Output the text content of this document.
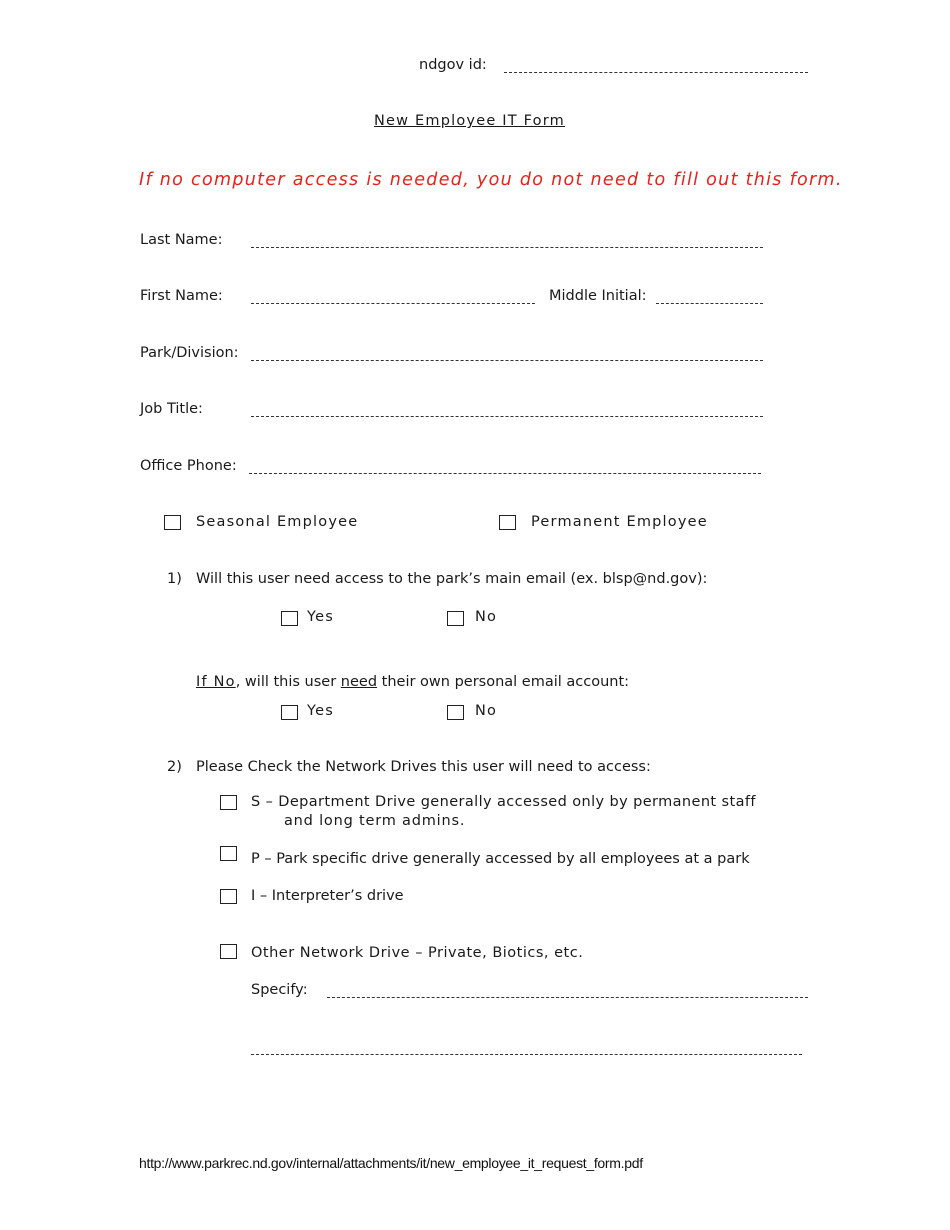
ndgov id:
New Employee IT Form
If no computer access is needed, you do not need to fill out this form.
Last Name:
First Name:	Middle Initial:
Park/Division:
Job Title:
Office Phone:
Seasonal Employee	Permanent Employee
1) Will this user need access to the park’s main email (ex. blsp@nd.gov):
Yes	No
If No, will this user need their own personal email account:
Yes	No
2) Please Check the Network Drives this user will need to access:
S – Department Drive generally accessed only by permanent staff
and long term admins.
P – Park specific drive generally accessed by all employees at a park
I – Interpreter’s drive
Other Network Drive – Private, Biotics, etc.
Specify:
http://www.parkrec.nd.gov/internal/attachments/it/new_employee_it_request_form.pdf
